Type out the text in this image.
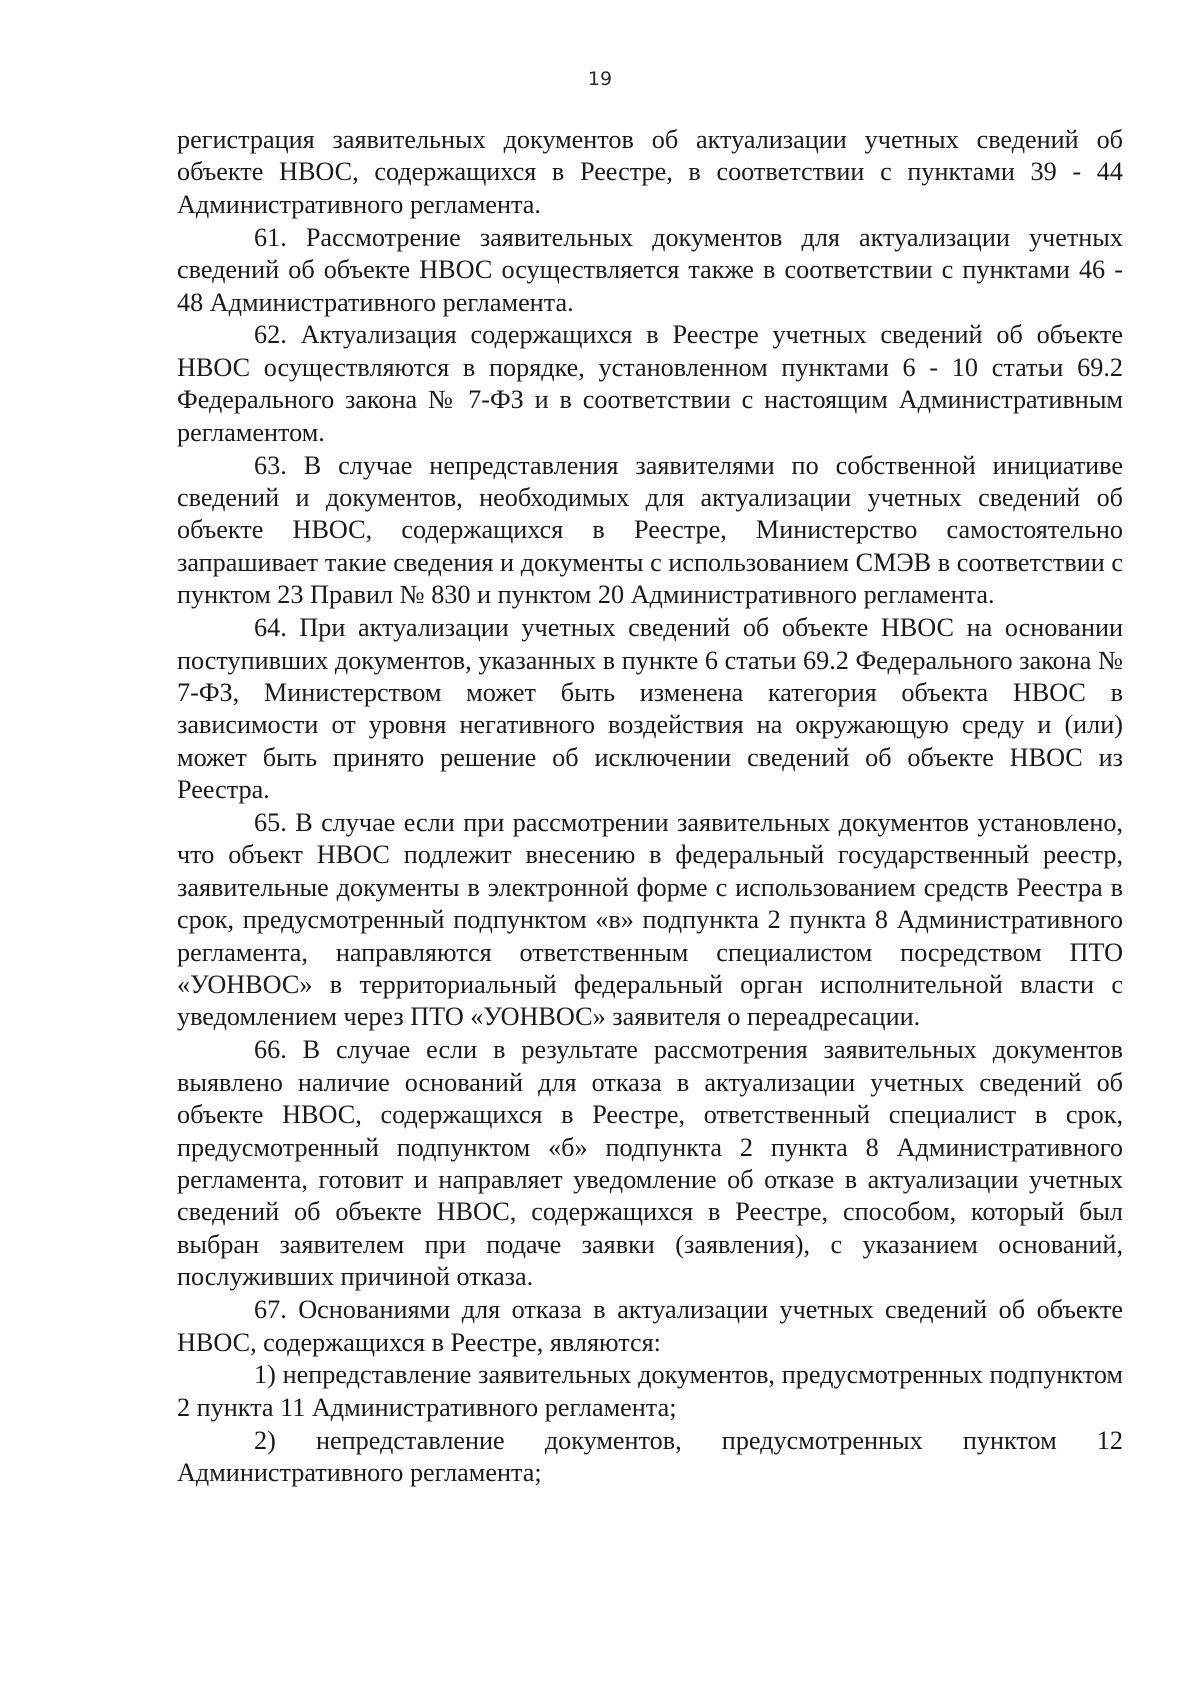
19

регистрация заявительных документов об актуализации учетных сведений об объекте НВОС, содержащихся в Реестре, в соответствии с пунктами 39 - 44 Административного регламента.

61. Рассмотрение заявительных документов для актуализации учетных сведений об объекте НВОС осуществляется также в соответствии с пунктами 46 - 48 Административного регламента.

62. Актуализация содержащихся в Реестре учетных сведений об объекте НВОС осуществляются в порядке, установленном пунктами 6 - 10 статьи 69.2 Федерального закона № 7-ФЗ и в соответствии с настоящим Административным регламентом.

63. В случае непредставления заявителями по собственной инициативе сведений и документов, необходимых для актуализации учетных сведений об объекте НВОС, содержащихся в Реестре, Министерство самостоятельно запрашивает такие сведения и документы с использованием СМЭВ в соответствии с пунктом 23 Правил № 830 и пунктом 20 Административного регламента.

64. При актуализации учетных сведений об объекте НВОС на основании поступивших документов, указанных в пункте 6 статьи 69.2 Федерального закона № 7-ФЗ, Министерством может быть изменена категория объекта НВОС в зависимости от уровня негативного воздействия на окружающую среду и (или) может быть принято решение об исключении сведений об объекте НВОС из Реестра.

65. В случае если при рассмотрении заявительных документов установлено, что объект НВОС подлежит внесению в федеральный государственный реестр, заявительные документы в электронной форме с использованием средств Реестра в срок, предусмотренный подпунктом «в» подпункта 2 пункта 8 Административного регламента, направляются ответственным специалистом посредством ПТО «УОНВОС» в территориальный федеральный орган исполнительной власти с уведомлением через ПТО «УОНВОС» заявителя о переадресации.

66. В случае если в результате рассмотрения заявительных документов выявлено наличие оснований для отказа в актуализации учетных сведений об объекте НВОС, содержащихся в Реестре, ответственный специалист в срок, предусмотренный подпунктом «б» подпункта 2 пункта 8 Административного регламента, готовит и направляет уведомление об отказе в актуализации учетных сведений об объекте НВОС, содержащихся в Реестре, способом, который был выбран заявителем при подаче заявки (заявления), с указанием оснований, послуживших причиной отказа.

67. Основаниями для отказа в актуализации учетных сведений об объекте НВОС, содержащихся в Реестре, являются:

1) непредставление заявительных документов, предусмотренных подпунктом 2 пункта 11 Административного регламента;

2) непредставление документов, предусмотренных пунктом 12 Административного регламента;
